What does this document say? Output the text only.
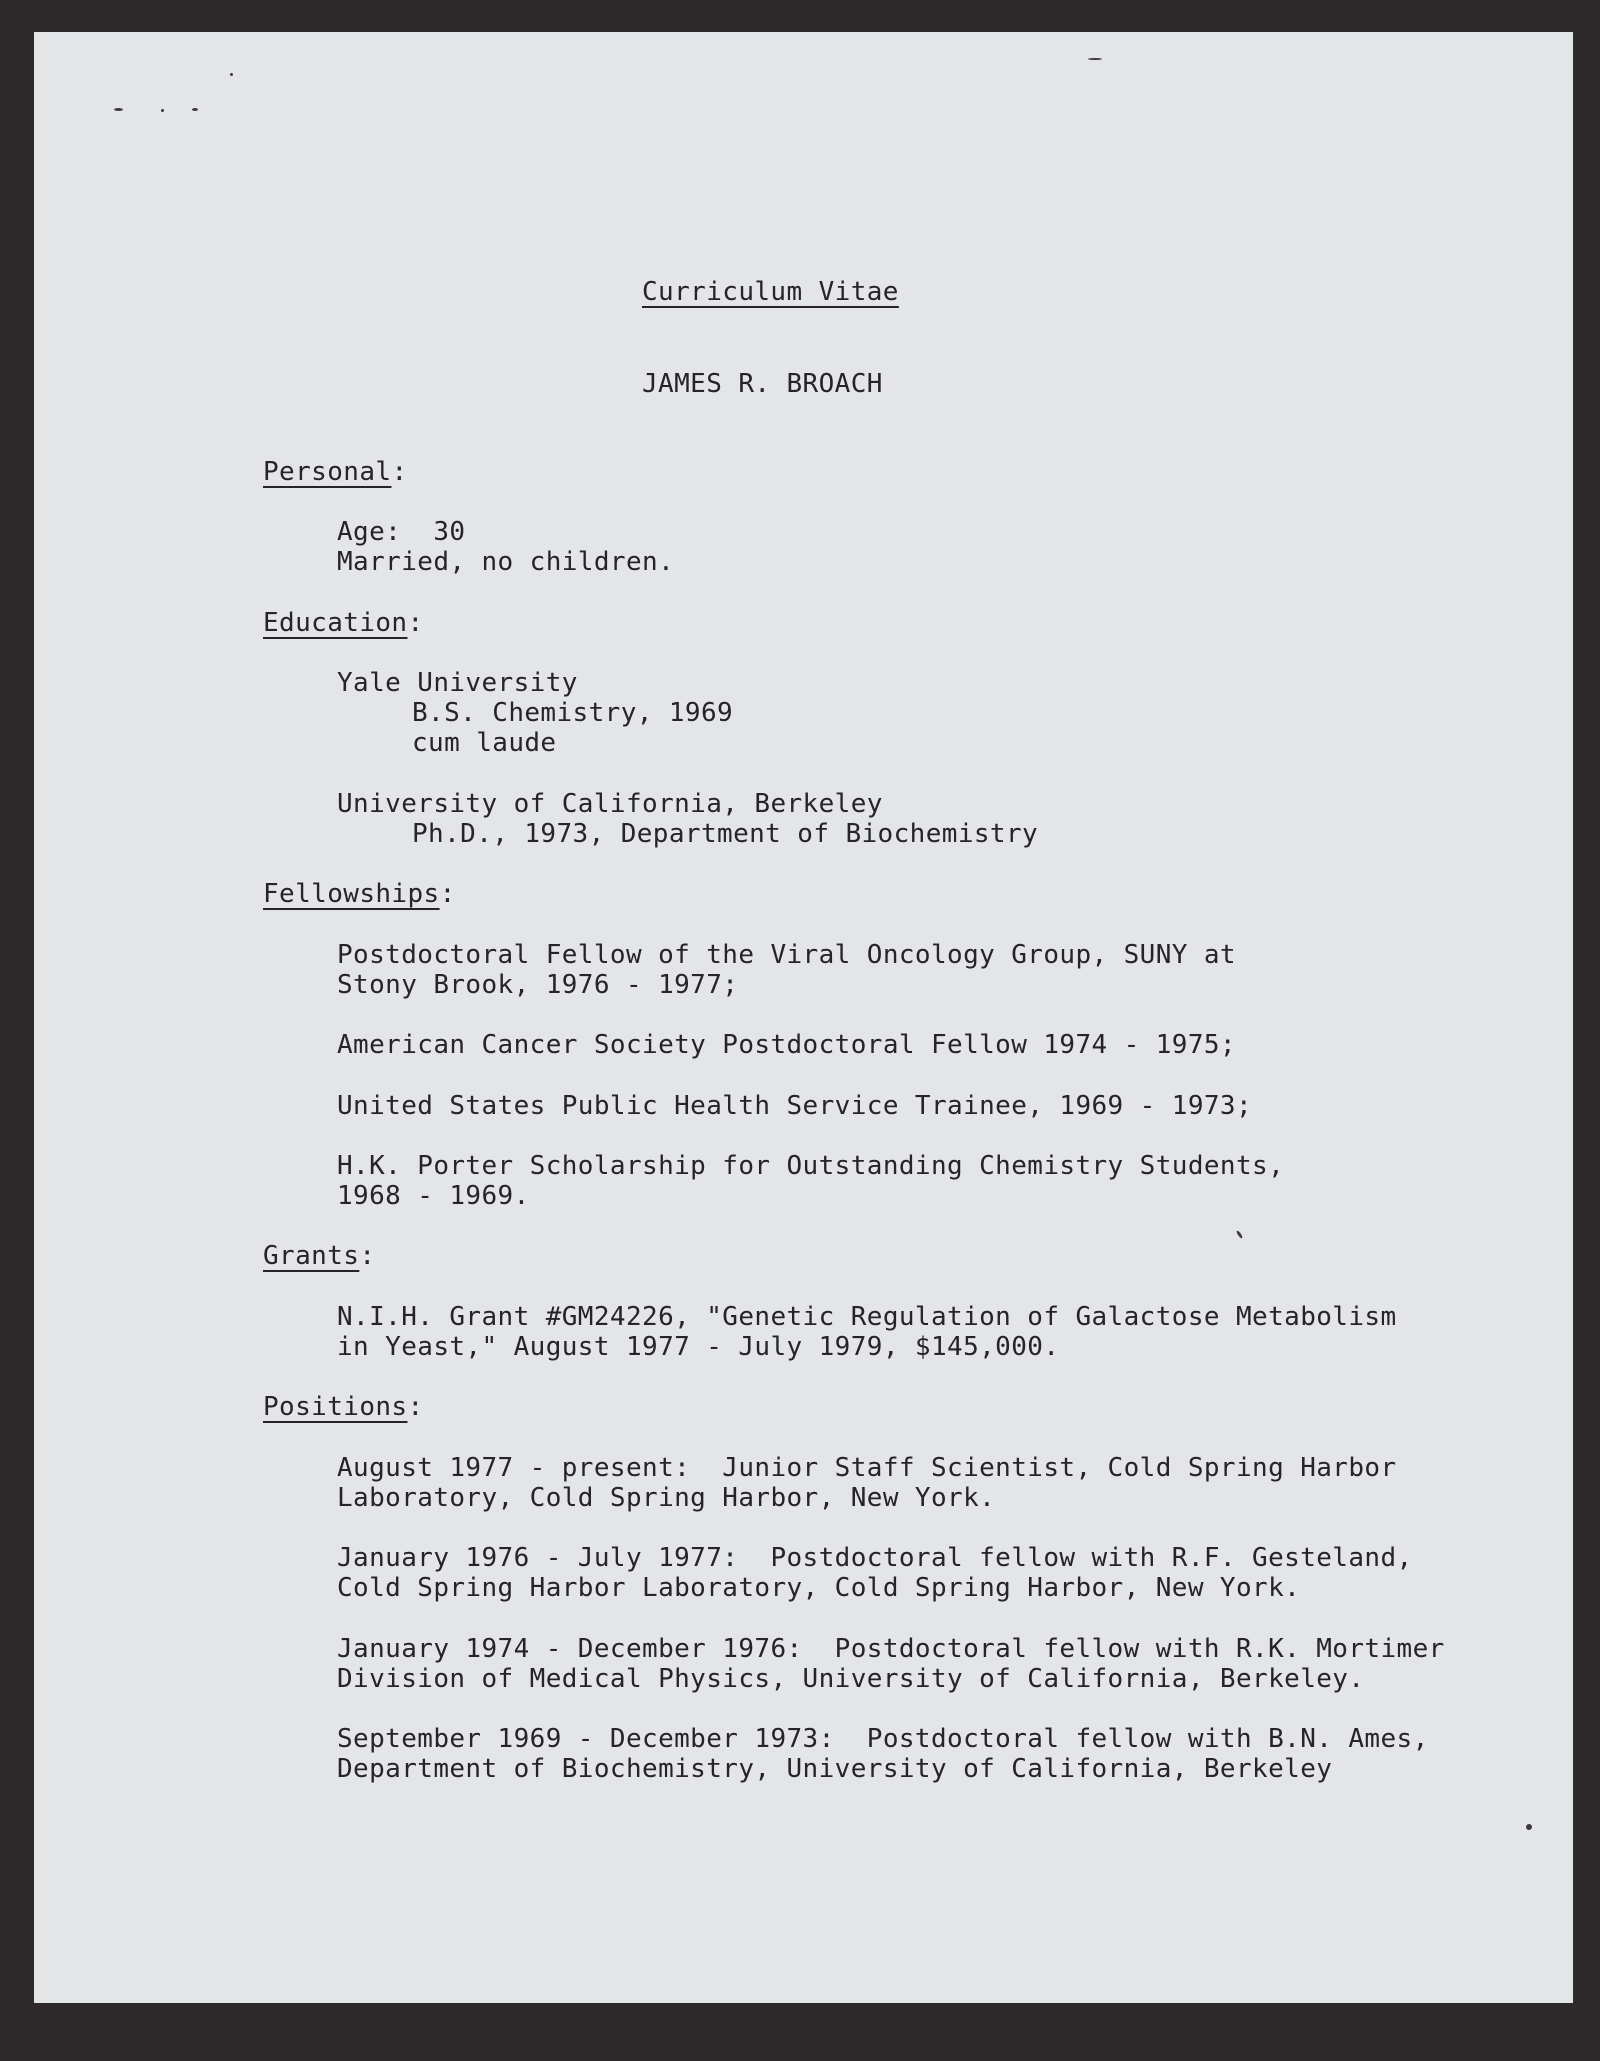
Curriculum Vitae
JAMES R. BROACH
Personal:
Age:  30
Married, no children.
Education:
Yale University
B.S. Chemistry, 1969
cum laude
University of California, Berkeley
Ph.D., 1973, Department of Biochemistry
Fellowships:
Postdoctoral Fellow of the Viral Oncology Group, SUNY at
Stony Brook, 1976 - 1977;
American Cancer Society Postdoctoral Fellow 1974 - 1975;
United States Public Health Service Trainee, 1969 - 1973;
H.K. Porter Scholarship for Outstanding Chemistry Students,
1968 - 1969.
Grants:
N.I.H. Grant #GM24226, "Genetic Regulation of Galactose Metabolism
in Yeast," August 1977 - July 1979, $145,000.
Positions:
August 1977 - present:  Junior Staff Scientist, Cold Spring Harbor
Laboratory, Cold Spring Harbor, New York.
January 1976 - July 1977:  Postdoctoral fellow with R.F. Gesteland,
Cold Spring Harbor Laboratory, Cold Spring Harbor, New York.
January 1974 - December 1976:  Postdoctoral fellow with R.K. Mortimer
Division of Medical Physics, University of California, Berkeley.
September 1969 - December 1973:  Postdoctoral fellow with B.N. Ames,
Department of Biochemistry, University of California, Berkeley
